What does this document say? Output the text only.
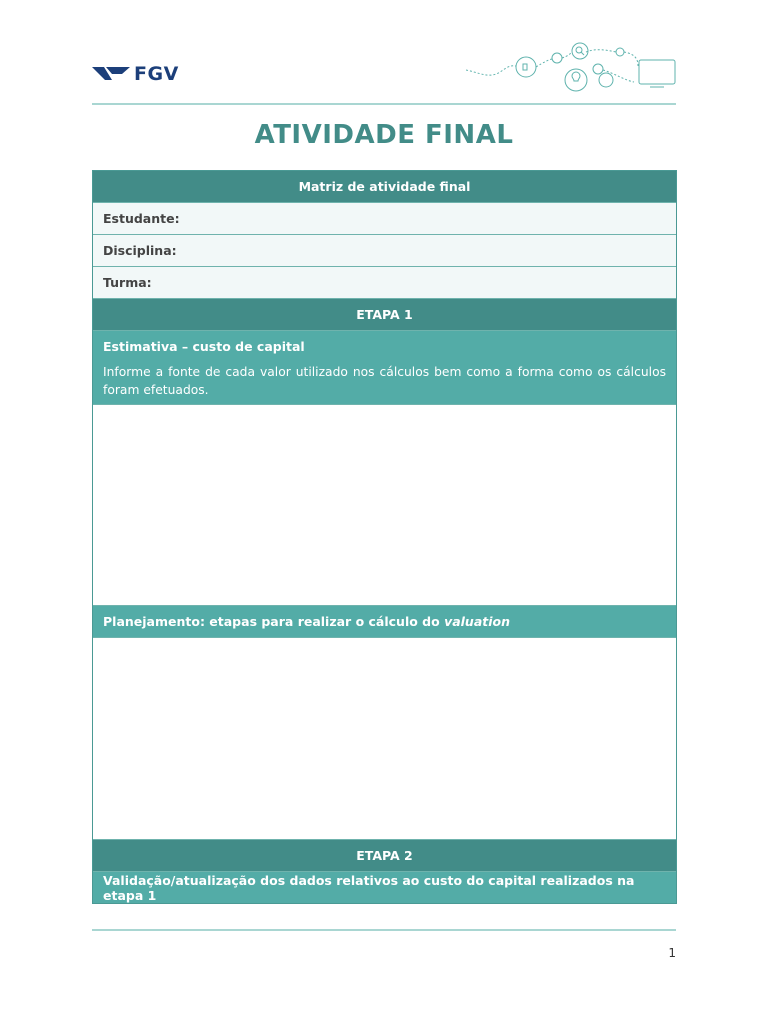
FGV
ATIVIDADE FINAL
Matriz de atividade final
Estudante:
Disciplina:
Turma:
ETAPA 1
Estimativa – custo de capital
Informe a fonte de cada valor utilizado nos cálculos bem como a forma como os cálculos foram efetuados.
Planejamento: etapas para realizar o cálculo do valuation
ETAPA 2
Validação/atualização dos dados relativos ao custo do capital realizados na etapa 1
1
